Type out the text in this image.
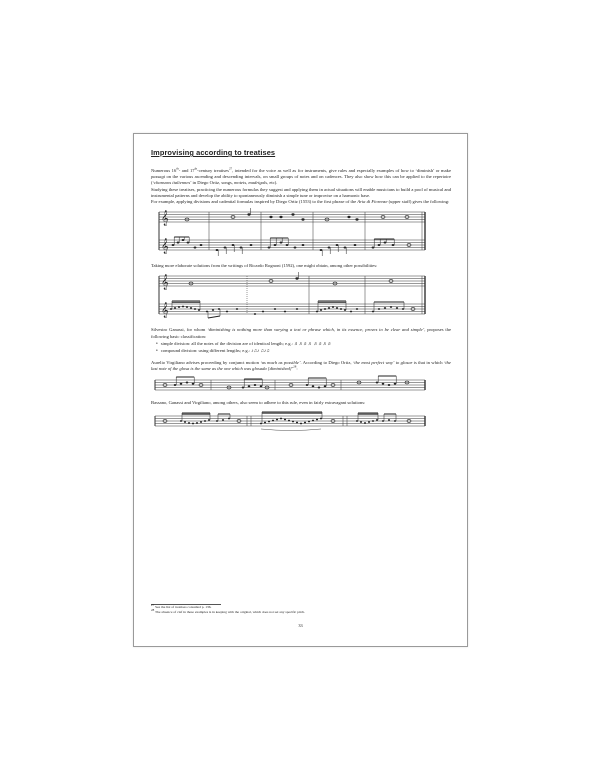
Improvising according to treatises

Numerous 16th- and 17th-century treatises$^{27}$, intended for the voice as well as for instruments, give rules and especially examples of how to ‘diminish’ or make passagi on the various ascending and descending intervals, on small groups of notes and on cadences. They also show how this can be applied to the repertoire (‘chansons italiennes’ in Diego Ortiz, songs, motets, madrigals, etc).

Studying these treatises, practicing the numerous formulas they suggest and applying them in actual situations will enable musicians to build a pool of musical and instrumental patterns and develop the ability to spontaneously diminish a simple tune or improvise on a harmonic base.

For example, applying divisions and cadential formulas inspired by Diego Ortiz (1553) to the first phrase of the Aria di Fiorenze (upper staff) gives the following:

𝄞
𝄞

Taking more elaborate solutions from the writings of Ricardo Rognoni (1592), one might obtain, among other possibilities:

𝄞
𝄞

Silvestro Ganassi, for whom ‘diminishing is nothing more than varying a text or phrase which, in its essence, proves to be clear and simple’, proposes the following basic classification:

• simple division: all the notes of the division are of identical length; e.g.: ♬♬♬♬ ♬♬♬♬
• compound division: using different lengths; e.g.: ♪♫♪ ♫♪♫

Aurelio Virgiliano advises proceeding by conjunct motion ‘as much as possible’. According to Diego Ortiz, ‘the most perfect way’ to glosar is that in which ‘the last note of the glosa is the same as the one which was glosada [diminished]’$^{28}$:

Bassano, Ganassi and Virgiliano, among others, also seem to adhere to this rule, even in fairly extravagant solutions:

$^{27}$ See the list of treatises consulted p. 136.

$^{28}$ The absence of clef in these examples is in keeping with the original, which does not set any specific pitch.

33
